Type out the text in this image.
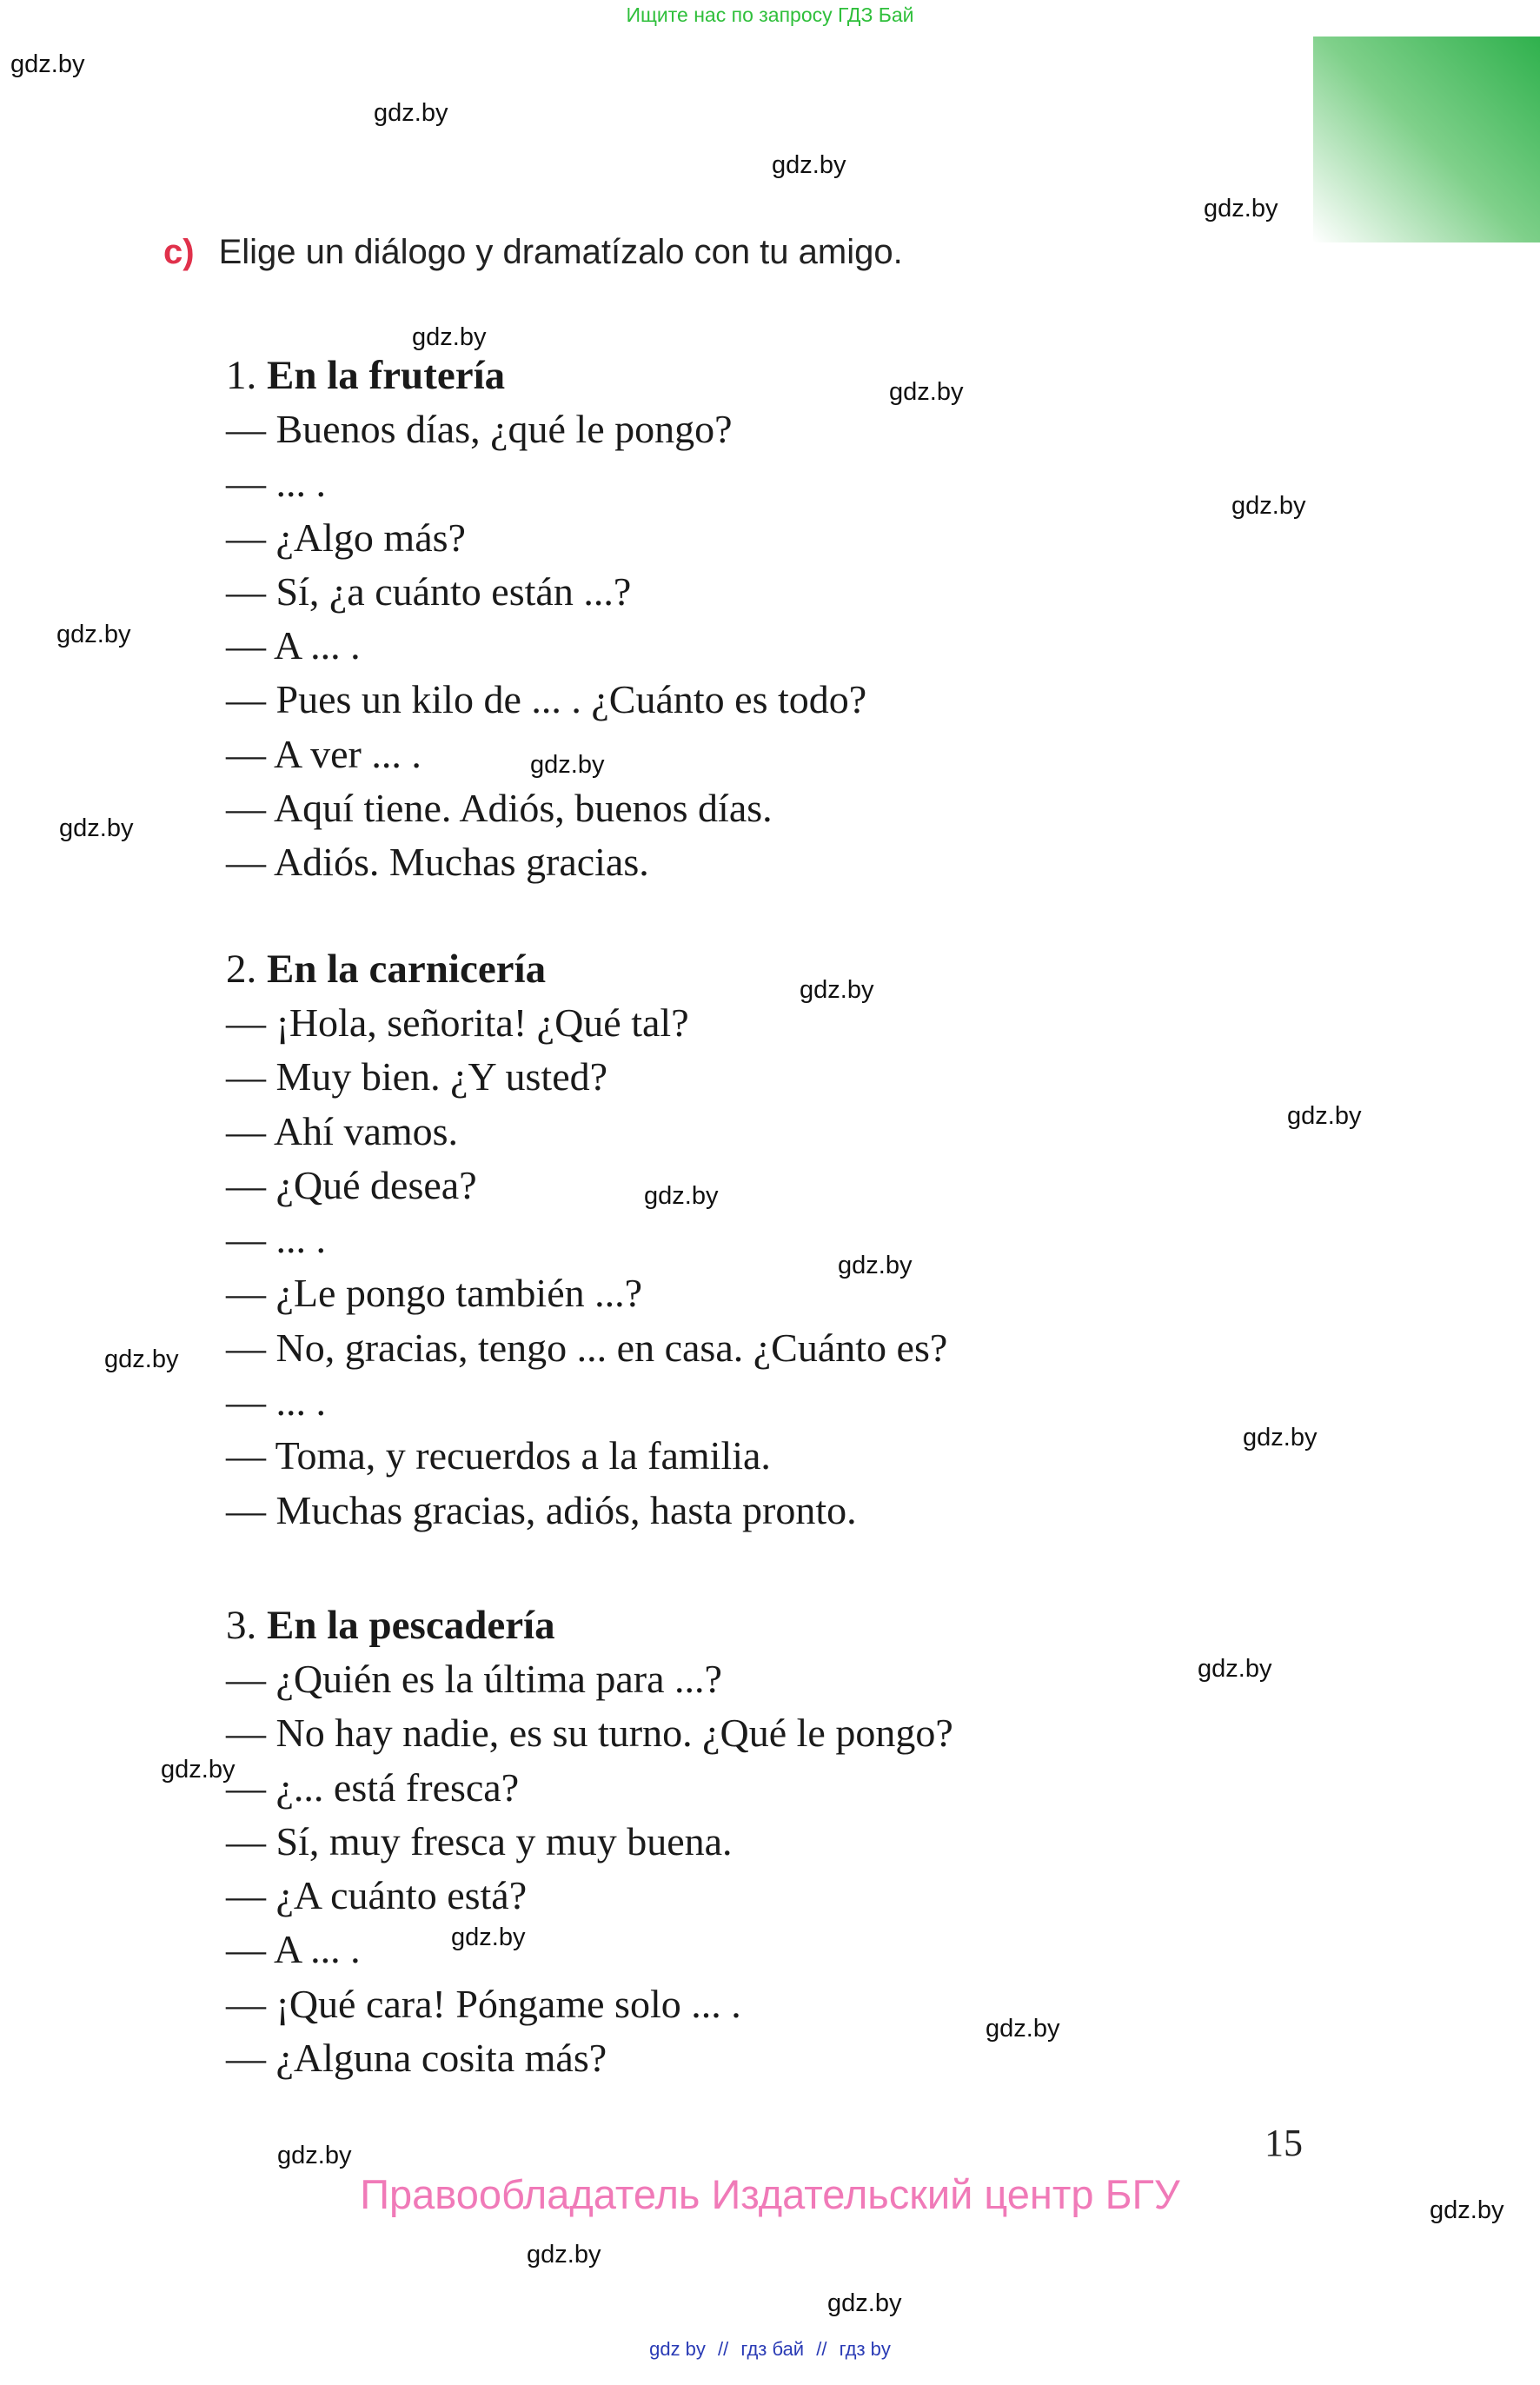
Ищите нас по запросу ГДЗ Бай
gdz.by
gdz.by
gdz.by
gdz.by
gdz.by
gdz.by
gdz.by
gdz.by
gdz.by
gdz.by
gdz.by
gdz.by
gdz.by
gdz.by
gdz.by
gdz.by
gdz.by
gdz.by
gdz.by
gdz.by
gdz.by
gdz.by
gdz.by
gdz.by
c) Elige un diálogo y dramatízalo con tu amigo.
1. En la frutería
— Buenos días, ¿qué le pongo?
— ... .
— ¿Algo más?
— Sí, ¿a cuánto están ...?
— A ... .
— Pues un kilo de ... . ¿Cuánto es todo?
— A ver ... .
— Aquí tiene. Adiós, buenos días.
— Adiós. Muchas gracias.
2. En la carnicería
— ¡Hola, señorita! ¿Qué tal?
— Muy bien. ¿Y usted?
— Ahí vamos.
— ¿Qué desea?
— ... .
— ¿Le pongo también ...?
— No, gracias, tengo ... en casa. ¿Cuánto es?
— ... .
— Toma, y recuerdos a la familia.
— Muchas gracias, adiós, hasta pronto.
3. En la pescadería
— ¿Quién es la última para ...?
— No hay nadie, es su turno. ¿Qué le pongo?
— ¿... está fresca?
— Sí, muy fresca y muy buena.
— ¿A cuánto está?
— A ... .
— ¡Qué cara! Póngame solo ... .
— ¿Alguna cosita más?
15
Правообладатель Издательский центр БГУ
gdz by // гдз бай // гдз by
